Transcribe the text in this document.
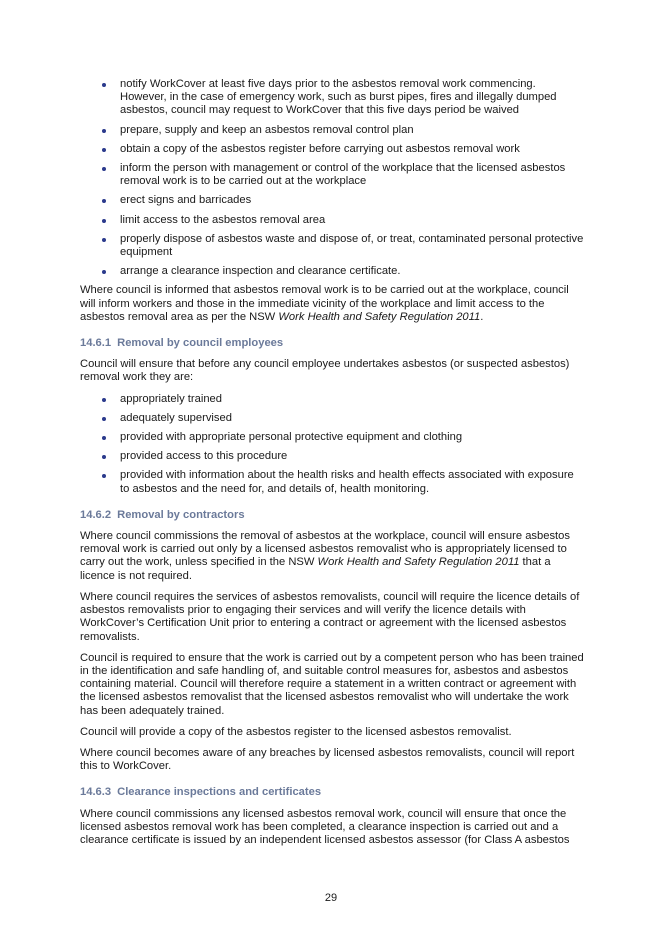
notify WorkCover at least five days prior to the asbestos removal work commencing. However, in the case of emergency work, such as burst pipes, fires and illegally dumped asbestos, council may request to WorkCover that this five days period be waived
prepare, supply and keep an asbestos removal control plan
obtain a copy of the asbestos register before carrying out asbestos removal work
inform the person with management or control of the workplace that the licensed asbestos removal work is to be carried out at the workplace
erect signs and barricades
limit access to the asbestos removal area
properly dispose of asbestos waste and dispose of, or treat, contaminated personal protective equipment
arrange a clearance inspection and clearance certificate.

Where council is informed that asbestos removal work is to be carried out at the workplace, council will inform workers and those in the immediate vicinity of the workplace and limit access to the asbestos removal area as per the NSW Work Health and Safety Regulation 2011.

14.6.1 Removal by council employees

Council will ensure that before any council employee undertakes asbestos (or suspected asbestos) removal work they are:

appropriately trained
adequately supervised
provided with appropriate personal protective equipment and clothing
provided access to this procedure
provided with information about the health risks and health effects associated with exposure to asbestos and the need for, and details of, health monitoring.
14.6.2 Removal by contractors

Where council commissions the removal of asbestos at the workplace, council will ensure asbestos removal work is carried out only by a licensed asbestos removalist who is appropriately licensed to carry out the work, unless specified in the NSW Work Health and Safety Regulation 2011 that a licence is not required.

Where council requires the services of asbestos removalists, council will require the licence details of asbestos removalists prior to engaging their services and will verify the licence details with WorkCover’s Certification Unit prior to entering a contract or agreement with the licensed asbestos removalists.

Council is required to ensure that the work is carried out by a competent person who has been trained in the identification and safe handling of, and suitable control measures for, asbestos and asbestos containing material. Council will therefore require a statement in a written contract or agreement with the licensed asbestos removalist that the licensed asbestos removalist who will undertake the work has been adequately trained.

Council will provide a copy of the asbestos register to the licensed asbestos removalist.

Where council becomes aware of any breaches by licensed asbestos removalists, council will report this to WorkCover.

14.6.3 Clearance inspections and certificates

Where council commissions any licensed asbestos removal work, council will ensure that once the licensed asbestos removal work has been completed, a clearance inspection is carried out and a clearance certificate is issued by an independent licensed asbestos assessor (for Class A asbestos

29
